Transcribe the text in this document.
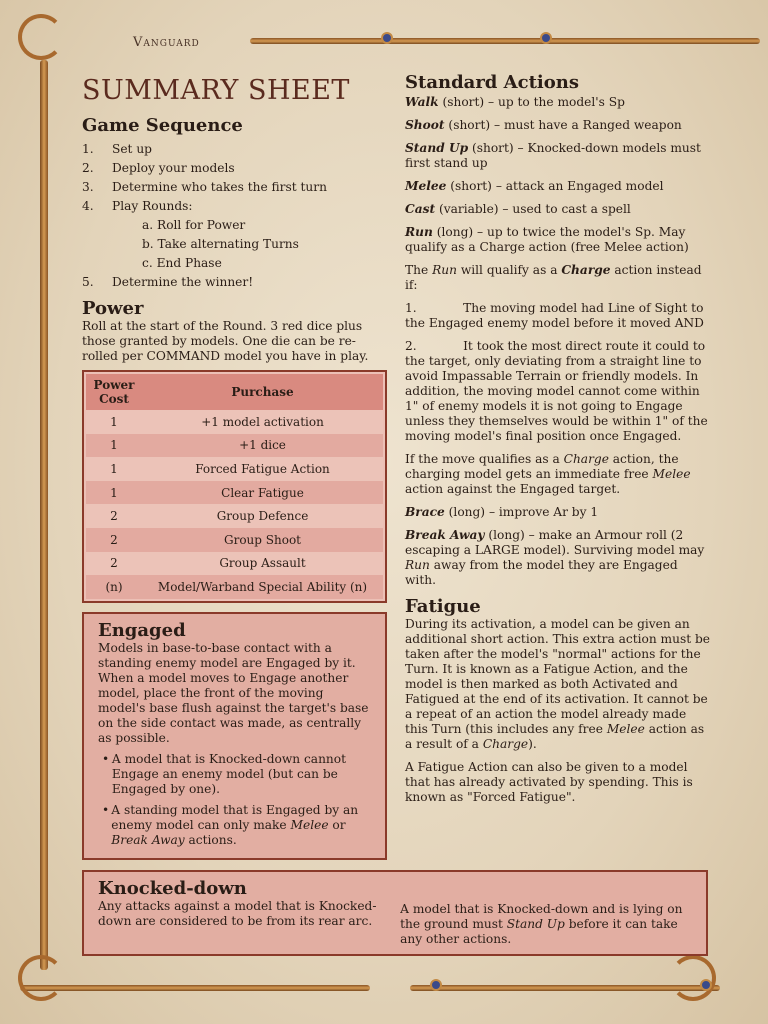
Vanguard
SUMMARY SHEET
Game Sequence
1.	Set up
2.	Deploy your models
3.	Determine who takes the first turn
4.	Play Rounds:
a. Roll for Power
b. Take alternating Turns
c. End Phase
5.	Determine the winner!
Power

Roll at the start of the Round. 3 red dice plus those granted by models. One die can be re-rolled per COMMAND model you have in play.

Power Cost	Purchase
1	+1 model activation
1	+1 dice
1	Forced Fatigue Action
1	Clear Fatigue
2	Group Defence
2	Group Shoot
2	Group Assault
(n)	Model/Warband Special Ability (n)
Engaged

Models in base-to-base contact with a standing enemy model are Engaged by it. When a model moves to Engage another model, place the front of the moving model's base flush against the target's base on the side contact was made, as centrally as possible.

• A model that is Knocked-down cannot Engage an enemy model (but can be Engaged by one).
• A standing model that is Engaged by an enemy model can only make Melee or Break Away actions.
Knocked-down

Any attacks against a model that is Knocked-down are considered to be from its rear arc.

A model that is Knocked-down and is lying on the ground must Stand Up before it can take any other actions.

Standard Actions

Walk (short) – up to the model's Sp

Shoot (short) – must have a Ranged weapon

Stand Up (short) – Knocked-down models must first stand up

Melee (short) – attack an Engaged model

Cast (variable) – used to cast a spell

Run (long) – up to twice the model's Sp. May qualify as a Charge action (free Melee action)

The Run will qualify as a Charge action instead if:

1.            The moving model had Line of Sight to the Engaged enemy model before it moved AND

2.            It took the most direct route it could to the target, only deviating from a straight line to avoid Impassable Terrain or friendly models. In addition, the moving model cannot come within 1" of enemy models it is not going to Engage unless they themselves would be within 1" of the moving model's final position once Engaged.

If the move qualifies as a Charge action, the charging model gets an immediate free Melee action against the Engaged target.

Brace (long) – improve Ar by 1

Break Away (long) – make an Armour roll (2 escaping a LARGE model). Surviving model may Run away from the model they are Engaged with.

Fatigue

During its activation, a model can be given an additional short action. This extra action must be taken after the model's "normal" actions for the Turn. It is known as a Fatigue Action, and the model is then marked as both Activated and Fatigued at the end of its activation. It cannot be a repeat of an action the model already made this Turn (this includes any free Melee action as a result of a Charge).

A Fatigue Action can also be given to a model that has already activated by spending. This is known as "Forced Fatigue".
